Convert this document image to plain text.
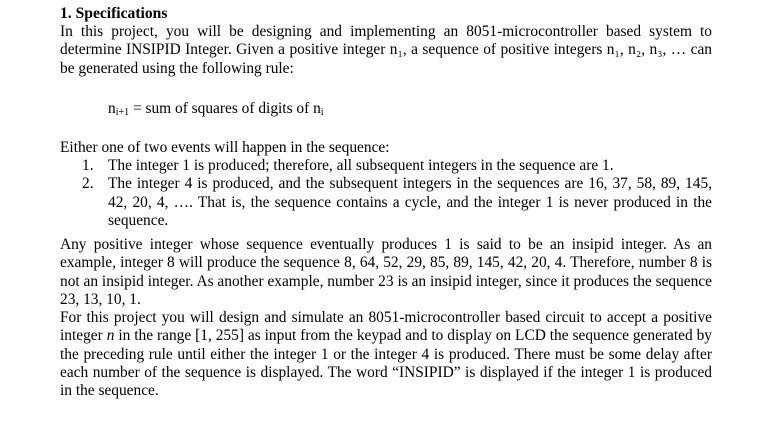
1. Specifications
In this project, you will be designing and implementing an 8051-microcontroller based system to determine INSIPID Integer. Given a positive integer n₁, a sequence of positive integers n₁, n₂, n₃, … can be generated using the following rule:
$n_{i+1}$ = sum of squares of digits of $n_i$
Either one of two events will happen in the sequence:
1. The integer 1 is produced; therefore, all subsequent integers in the sequence are 1.
2. The integer 4 is produced, and the subsequent integers in the sequences are 16, 37, 58, 89, 145, 42, 20, 4, …. That is, the sequence contains a cycle, and the integer 1 is never produced in the sequence.
Any positive integer whose sequence eventually produces 1 is said to be an insipid integer. As an example, integer 8 will produce the sequence 8, 64, 52, 29, 85, 89, 145, 42, 20, 4. Therefore, number 8 is not an insipid integer. As another example, number 23 is an insipid integer, since it produces the sequence 23, 13, 10, 1.
For this project you will design and simulate an 8051-microcontroller based circuit to accept a positive integer n in the range [1, 255] as input from the keypad and to display on LCD the sequence generated by the preceding rule until either the integer 1 or the integer 4 is produced. There must be some delay after each number of the sequence is displayed. The word “INSIPID” is displayed if the integer 1 is produced in the sequence.
